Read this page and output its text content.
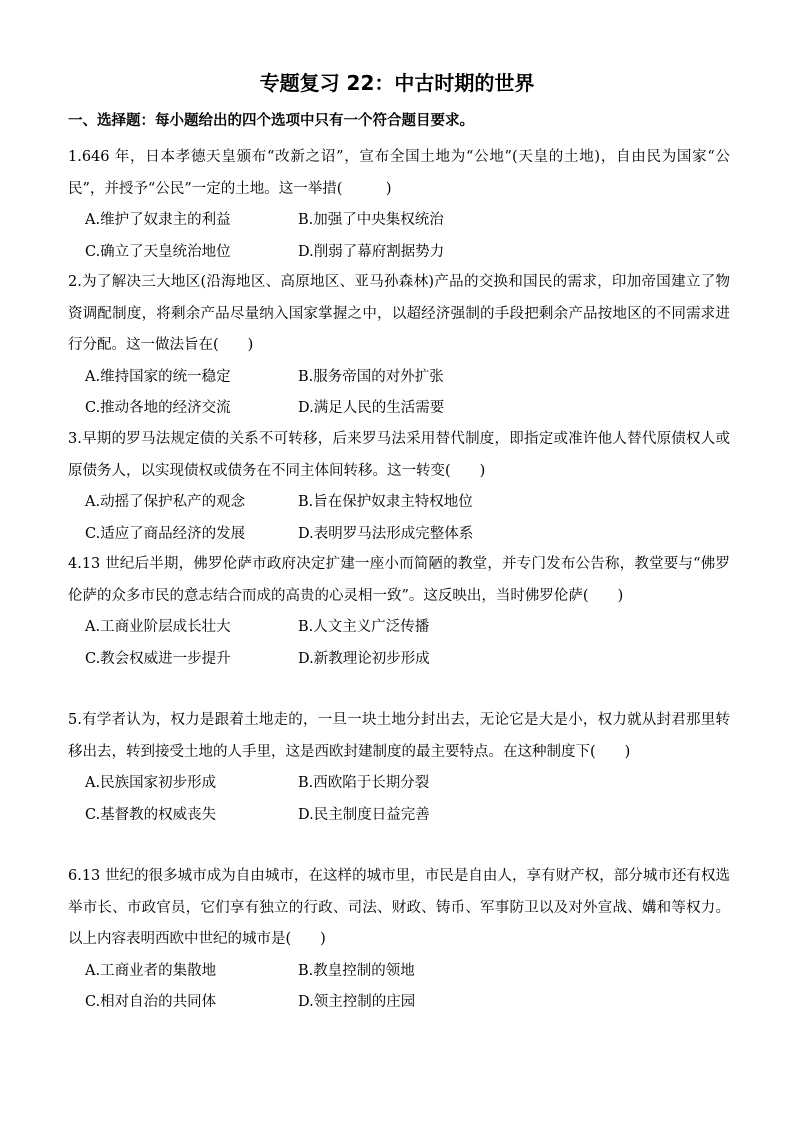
专题复习 22：中古时期的世界
一、选择题：每小题给出的四个选项中只有一个符合题目要求。

1.646 年，日本孝德天皇颁布“改新之诏”，宣布全国土地为“公地”(天皇的土地)，自由民为国家“公民”，并授予“公民”一定的土地。这一举措(　　　)

A.维护了奴隶主的利益	B.加强了中央集权统治
C.确立了天皇统治地位	D.削弱了幕府割据势力

2.为了解决三大地区(沿海地区、高原地区、亚马孙森林)产品的交换和国民的需求，印加帝国建立了物资调配制度，将剩余产品尽量纳入国家掌握之中，以超经济强制的手段把剩余产品按地区的不同需求进行分配。这一做法旨在(　　)

A.维持国家的统一稳定	B.服务帝国的对外扩张
C.推动各地的经济交流	D.满足人民的生活需要

3.早期的罗马法规定债的关系不可转移，后来罗马法采用替代制度，即指定或准许他人替代原债权人或原债务人，以实现债权或债务在不同主体间转移。这一转变(　　)

A.动摇了保护私产的观念	B.旨在保护奴隶主特权地位
C.适应了商品经济的发展	D.表明罗马法形成完整体系

4.13 世纪后半期，佛罗伦萨市政府决定扩建一座小而简陋的教堂，并专门发布公告称，教堂要与“佛罗伦萨的众多市民的意志结合而成的高贵的心灵相一致”。这反映出，当时佛罗伦萨(　　)

A.工商业阶层成长壮大	B.人文主义广泛传播
C.教会权威进一步提升	D.新教理论初步形成

5.有学者认为，权力是跟着土地走的，一旦一块土地分封出去，无论它是大是小，权力就从封君那里转移出去，转到接受土地的人手里，这是西欧封建制度的最主要特点。在这种制度下(　　)

A.民族国家初步形成	B.西欧陷于长期分裂
C.基督教的权威丧失	D.民主制度日益完善

6.13 世纪的很多城市成为自由城市，在这样的城市里，市民是自由人，享有财产权，部分城市还有权选举市长、市政官员，它们享有独立的行政、司法、财政、铸币、军事防卫以及对外宣战、媾和等权力。以上内容表明西欧中世纪的城市是(　　)

A.工商业者的集散地	B.教皇控制的领地
C.相对自治的共同体	D.领主控制的庄园
